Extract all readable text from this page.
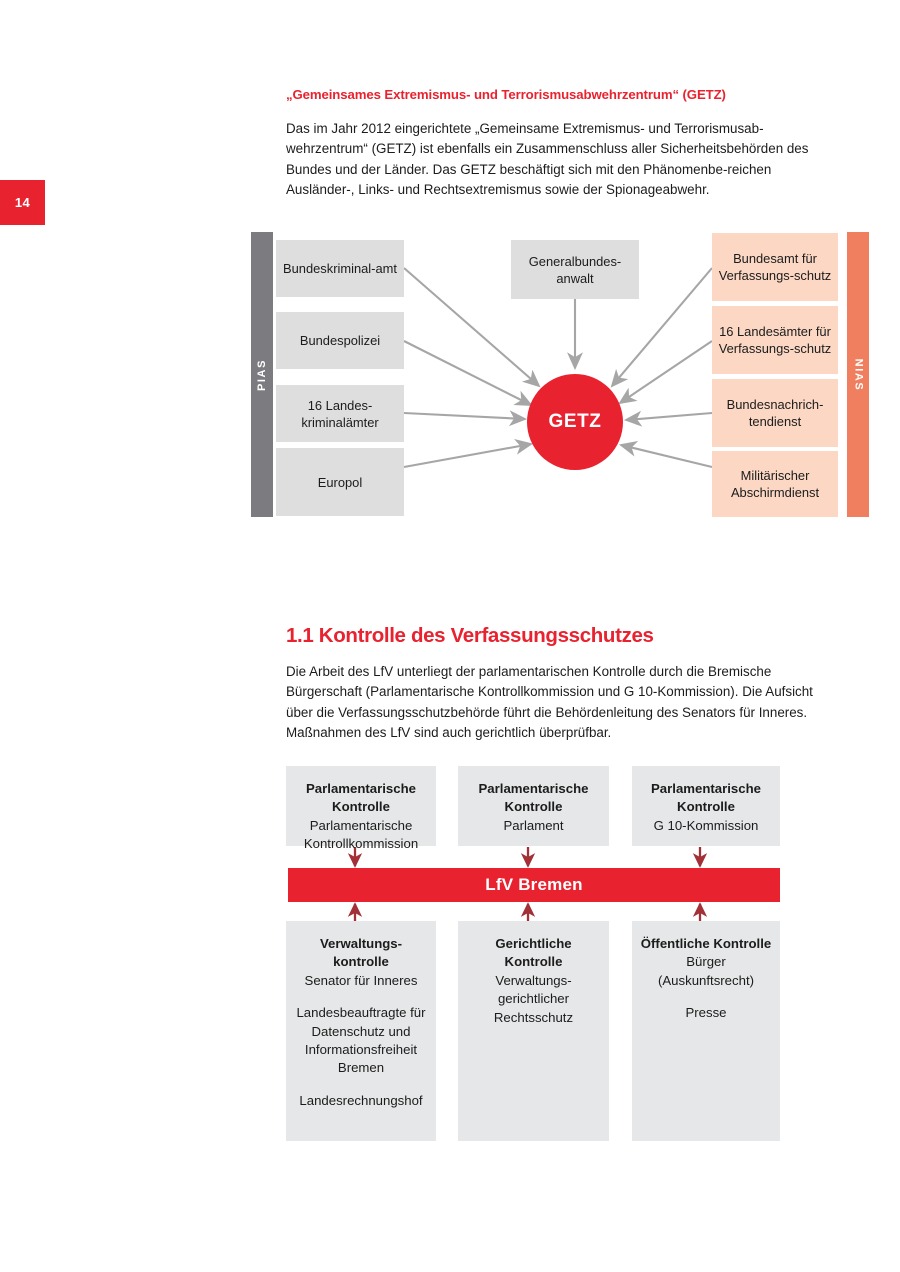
14
„Gemeinsames Extremismus- und Terrorismusabwehrzentrum“ (GETZ)
Das im Jahr 2012 eingerichtete „Gemeinsame Extremismus- und Terrorismusab-wehrzentrum“ (GETZ) ist ebenfalls ein Zusammenschluss aller Sicherheitsbehörden des Bundes und der Länder. Das GETZ beschäftigt sich mit den Phänomenbe-reichen Ausländer-, Links- und Rechtsextremismus sowie der Spionageabwehr.
PIAS	NIAS
Generalbundes-anwalt
Bundeskriminal-amt
Bundespolizei
16 Landes-kriminalämter
Europol
Bundesamt für Verfassungs-schutz
16 Landesämter für Verfassungs-schutz
Bundesnachrich-tendienst
Militärischer Abschirmdienst
GETZ
1.1 Kontrolle des Verfassungsschutzes
Die Arbeit des LfV unterliegt der parlamentarischen Kontrolle durch die Bremische Bürgerschaft (Parlamentarische Kontrollkommission und G 10-Kommission). Die Aufsicht über die Verfassungsschutzbehörde führt die Behördenleitung des Senators für Inneres. Maßnahmen des LfV sind auch gerichtlich überprüfbar.

Parlamentarische Kontrolle

Parlamentarische Kontrollkommission

Parlamentarische Kontrolle

Parlament

Parlamentarische Kontrolle

G 10-Kommission

LfV Bremen

Verwaltungs-kontrolle

Senator für Inneres

Landesbeauftragte für Datenschutz und Informationsfreiheit Bremen

Landesrechnungshof

Gerichtliche Kontrolle

Verwaltungs-gerichtlicher Rechtsschutz

Öffentliche Kontrolle

Bürger (Auskunftsrecht)

Presse
